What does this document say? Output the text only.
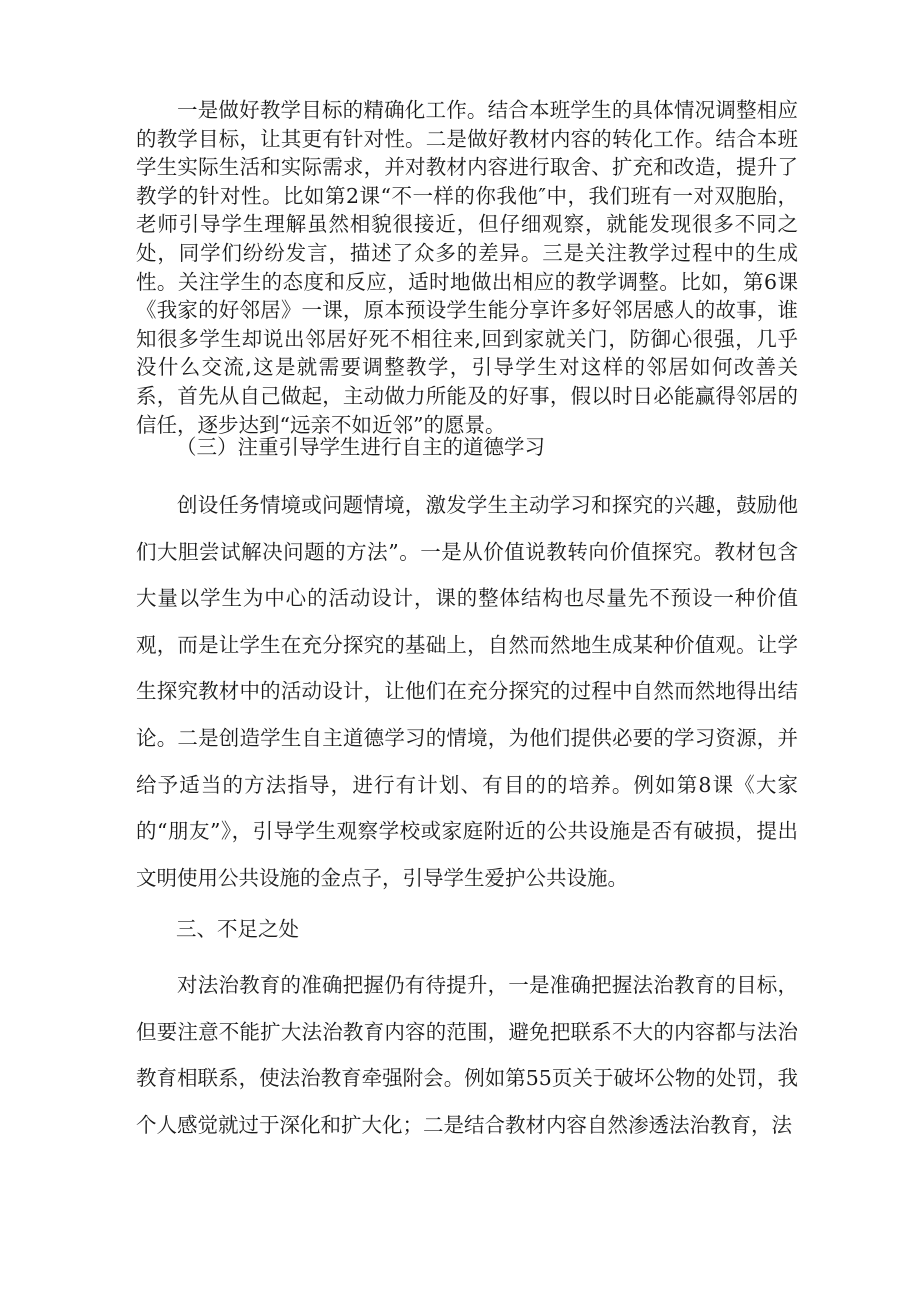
一是做好教学目标的精确化工作。结合本班学生的具体情况调整相应的教学目标，让其更有针对性。二是做好教材内容的转化工作。结合本班学生实际生活和实际需求，并对教材内容进行取舍、扩充和改造，提升了教学的针对性。比如第2课“不一样的你我他″中，我们班有一对双胞胎，老师引导学生理解虽然相貌很接近，但仔细观察，就能发现很多不同之处，同学们纷纷发言，描述了众多的差异。三是关注教学过程中的生成性。关注学生的态度和反应，适时地做出相应的教学调整。比如，第6课《我家的好邻居》一课，原本预设学生能分享许多好邻居感人的故事，谁知很多学生却说出邻居好死不相往来,回到家就关门，防御心很强，几乎没什么交流,这是就需要调整教学，引导学生对这样的邻居如何改善关系，首先从自己做起，主动做力所能及的好事，假以时日必能赢得邻居的信任，逐步达到“远亲不如近邻”的愿景。

（三）注重引导学生进行自主的道德学习

创设任务情境或问题情境，激发学生主动学习和探究的兴趣，鼓励他们大胆尝试解决问题的方法”。一是从价值说教转向价值探究。教材包含大量以学生为中心的活动设计，课的整体结构也尽量先不预设一种价值观，而是让学生在充分探究的基础上，自然而然地生成某种价值观。让学生探究教材中的活动设计，让他们在充分探究的过程中自然而然地得出结论。二是创造学生自主道德学习的情境，为他们提供必要的学习资源，并给予适当的方法指导，进行有计划、有目的的培养。例如第8课《大家的“朋友”》，引导学生观察学校或家庭附近的公共设施是否有破损，提出文明使用公共设施的金点子，引导学生爱护公共设施。

三、不足之处

对法治教育的准确把握仍有待提升，一是准确把握法治教育的目标，但要注意不能扩大法治教育内容的范围，避免把联系不大的内容都与法治教育相联系，使法治教育牵强附会。例如第55页关于破坏公物的处罚，我个人感觉就过于深化和扩大化；二是结合教材内容自然渗透法治教育，法
